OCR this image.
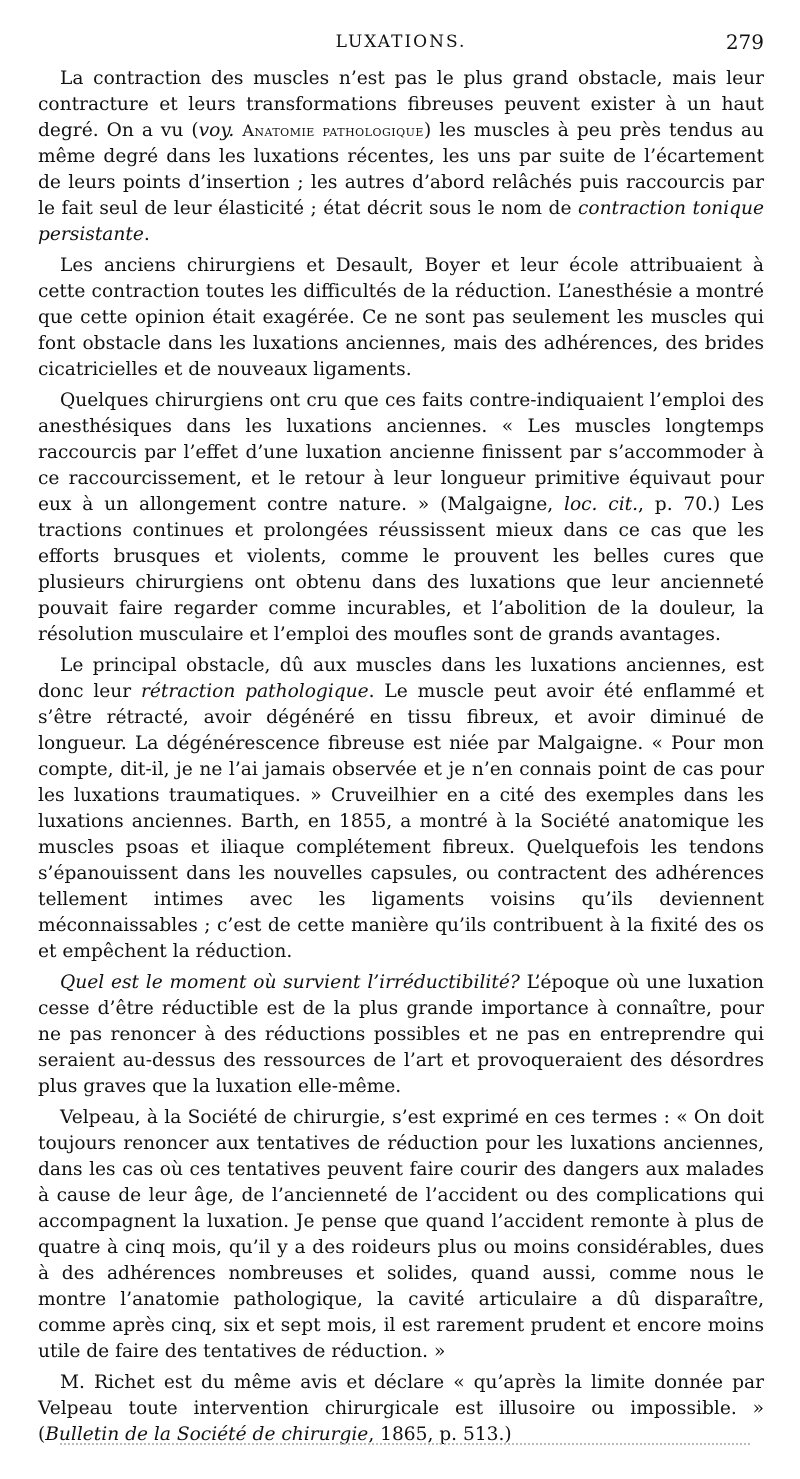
LUXATIONS.	279

La contraction des muscles n’est pas le plus grand obstacle, mais leur contracture et leurs transformations fibreuses peuvent exister à un haut degré. On a vu (voy. Anatomie pathologique) les muscles à peu près tendus au même degré dans les luxations récentes, les uns par suite de l’écartement de leurs points d’insertion ; les autres d’abord relâchés puis raccourcis par le fait seul de leur élasticité ; état décrit sous le nom de contraction tonique persistante.

Les anciens chirurgiens et Desault, Boyer et leur école attribuaient à cette contraction toutes les difficultés de la réduction. L’anesthésie a montré que cette opinion était exagérée. Ce ne sont pas seulement les muscles qui font obstacle dans les luxations anciennes, mais des adhérences, des brides cicatricielles et de nouveaux ligaments.

Quelques chirurgiens ont cru que ces faits contre-indiquaient l’emploi des anesthésiques dans les luxations anciennes. « Les muscles longtemps raccourcis par l’effet d’une luxation ancienne finissent par s’accommoder à ce raccourcissement, et le retour à leur longueur primitive équivaut pour eux à un allongement contre nature. » (Malgaigne, loc. cit., p. 70.) Les tractions continues et prolongées réussissent mieux dans ce cas que les efforts brusques et violents, comme le prouvent les belles cures que plusieurs chirurgiens ont obtenu dans des luxations que leur ancienneté pouvait faire regarder comme incurables, et l’abolition de la douleur, la résolution musculaire et l’emploi des moufles sont de grands avantages.

Le principal obstacle, dû aux muscles dans les luxations anciennes, est donc leur rétraction pathologique. Le muscle peut avoir été enflammé et s’être rétracté, avoir dégénéré en tissu fibreux, et avoir diminué de longueur. La dégénérescence fibreuse est niée par Malgaigne. « Pour mon compte, dit-il, je ne l’ai jamais observée et je n’en connais point de cas pour les luxations traumatiques. » Cruveilhier en a cité des exemples dans les luxations anciennes. Barth, en 1855, a montré à la Société anatomique les muscles psoas et iliaque complétement fibreux. Quelquefois les tendons s’épanouissent dans les nouvelles capsules, ou contractent des adhérences tellement intimes avec les ligaments voisins qu’ils deviennent méconnaissables ; c’est de cette manière qu’ils contribuent à la fixité des os et empêchent la réduction.

Quel est le moment où survient l’irréductibilité? L’époque où une luxation cesse d’être réductible est de la plus grande importance à connaître, pour ne pas renoncer à des réductions possibles et ne pas en entreprendre qui seraient au-dessus des ressources de l’art et provoqueraient des désordres plus graves que la luxation elle-même.

Velpeau, à la Société de chirurgie, s’est exprimé en ces termes : « On doit toujours renoncer aux tentatives de réduction pour les luxations anciennes, dans les cas où ces tentatives peuvent faire courir des dangers aux malades à cause de leur âge, de l’ancienneté de l’accident ou des complications qui accompagnent la luxation. Je pense que quand l’accident remonte à plus de quatre à cinq mois, qu’il y a des roideurs plus ou moins considérables, dues à des adhérences nombreuses et solides, quand aussi, comme nous le montre l’anatomie pathologique, la cavité articulaire a dû disparaître, comme après cinq, six et sept mois, il est rarement prudent et encore moins utile de faire des tentatives de réduction. »

M. Richet est du même avis et déclare « qu’après la limite donnée par Velpeau toute intervention chirurgicale est illusoire ou impossible. » (Bulletin de la Société de chirurgie, 1865, p. 513.)
